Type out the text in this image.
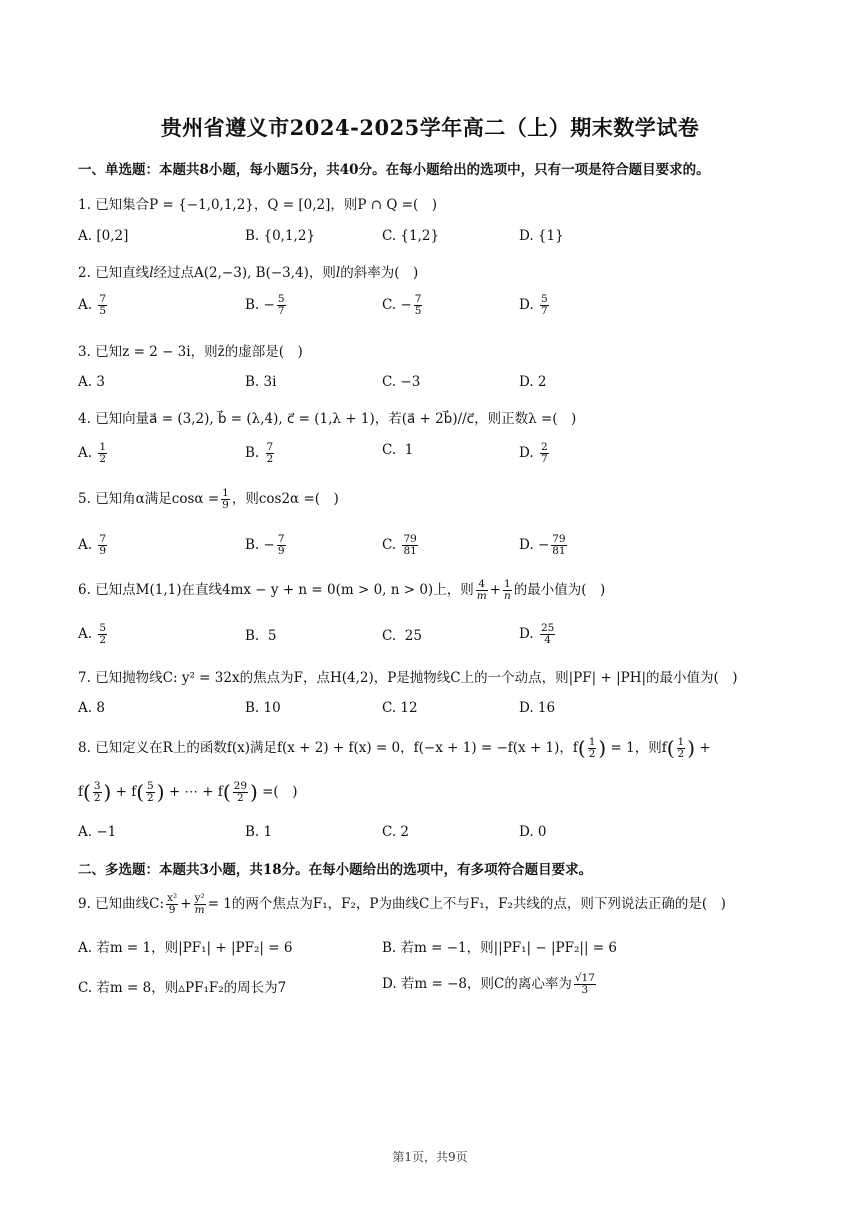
贵州省遵义市2024-2025学年高二（上）期末数学试卷
一、单选题：本题共8小题，每小题5分，共40分。在每小题给出的选项中，只有一项是符合题目要求的。
1. 已知集合P = {−1,0,1,2}，Q = [0,2]，则P ∩ Q =(　)
A. [0,2]	B. {0,1,2}	C. {1,2}	D. {1}
2. 已知直线l经过点A(2,−3), B(−3,4)，则l的斜率为(　)
A. $\frac{7}{5}$	B. − $\frac{5}{7}$	C. − $\frac{7}{5}$	D. $\frac{5}{7}$
3. 已知z = 2 − 3i，则z̄的虚部是(　)
A. 3	B. 3i	C. −3	D. 2
4. 已知向量a⃗ = (3,2), b⃗ = (λ,4), c⃗ = (1,λ + 1)，若(a⃗ + 2b⃗)//c⃗，则正数λ =(　)
A. $\frac{1}{2}$	B. $\frac{7}{2}$	C. 1	D. $\frac{2}{7}$
5. 已知角α满足$\cos\alpha = \frac{1}{9}$ ，则cos2α =(　)
A. $\frac{7}{9}$	B. − $\frac{7}{9}$	C. $\frac{79}{81}$	D. − $\frac{79}{81}$
6. 已知点M(1,1)在直线4mx − y + n = 0(m > 0, n > 0)上，则 $\frac{4}{m} + \frac{1}{n}$ 的最小值为(　)
A. $\frac{5}{2}$	B. 5	C. 25	D. $\frac{25}{4}$
7. 已知抛物线C: y² = 32x的焦点为F，点H(4,2)，P是抛物线C上的一个动点，则|PF| + |PH|的最小值为(　)
A. 8	B. 10	C. 12	D. 16
8. 已知定义在R上的函数f(x)满足f(x + 2) + f(x) = 0，f(−x + 1) = −f(x + 1)，$f( \frac{1}{2}$ ) = 1，则$f( \frac{1}{2}$ ) +
$f( \frac{3}{2}$ ) + $f( \frac{5}{2}$ ) + ⋯ + $f( \frac{29}{2}$ ) =(　)
A. −1	B. 1	C. 2	D. 0
二、多选题：本题共3小题，共18分。在每小题给出的选项中，有多项符合题目要求。
9. 已知曲线C: $\frac{\text{x²}}{9} + \frac{\text{y²}}{m} = 1$的两个焦点为F₁，F₂，P为曲线C上不与F₁，F₂共线的点，则下列说法正确的是(　)
A. 若m = 1，则|PF₁| + |PF₂| = 6	B. 若m = −1，则||PF₁| − |PF₂|| = 6
C. 若m = 8，则▵PF₁F₂的周长为7	D. 若m = −8，则C的离心率为 $\frac{√17}{3}$
第1页，共9页
